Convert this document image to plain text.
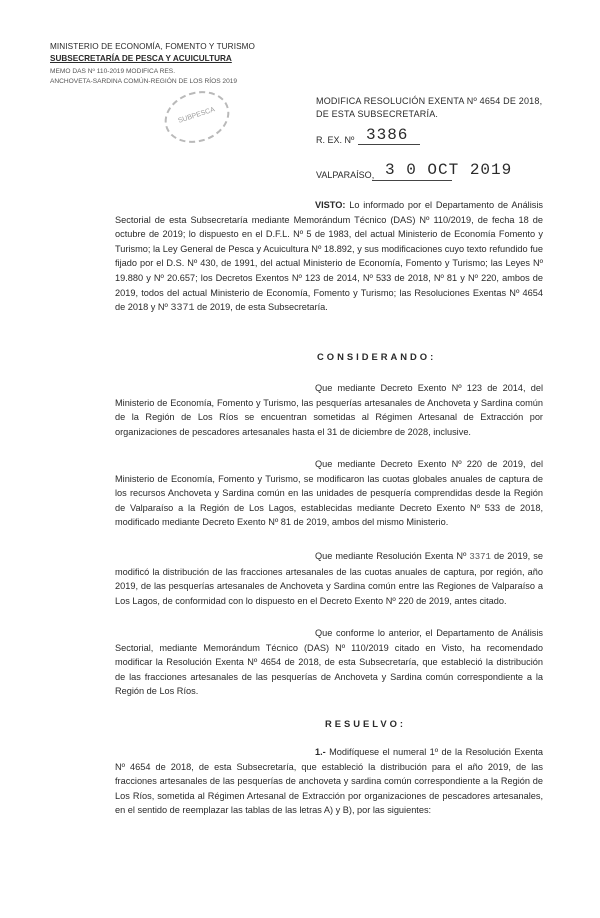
MINISTERIO DE ECONOMÍA, FOMENTO Y TURISMO
SUBSECRETARÍA DE PESCA Y ACUICULTURA
MEMO DAS Nº 110-2019 MODIFICA RES.
ANCHOVETA-SARDINA COMÚN-REGIÓN DE LOS RÍOS 2019
SUBPESCA
MODIFICA RESOLUCIÓN EXENTA Nº 4654 DE 2018,
DE ESTA SUBSECRETARÍA.
R. EX. Nº 3386
VALPARAÍSO, 3 0 OCT 2019
VISTO: Lo informado por el Departamento de Análisis Sectorial de esta Subsecretaría mediante Memorándum Técnico (DAS) Nº 110/2019, de fecha 18 de octubre de 2019; lo dispuesto en el D.F.L. Nº 5 de 1983, del actual Ministerio de Economía Fomento y Turismo; la Ley General de Pesca y Acuicultura Nº 18.892, y sus modificaciones cuyo texto refundido fue fijado por el D.S. Nº 430, de 1991, del actual Ministerio de Economía, Fomento y Turismo; las Leyes Nº 19.880 y Nº 20.657; los Decretos Exentos Nº 123 de 2014, Nº 533 de 2018, Nº 81 y Nº 220, ambos de 2019, todos del actual Ministerio de Economía, Fomento y Turismo; las Resoluciones Exentas Nº 4654 de 2018 y Nº 3371 de 2019, de esta Subsecretaría.
CONSIDERANDO:
Que mediante Decreto Exento Nº 123 de 2014, del Ministerio de Economía, Fomento y Turismo, las pesquerías artesanales de Anchoveta y Sardina común de la Región de Los Ríos se encuentran sometidas al Régimen Artesanal de Extracción por organizaciones de pescadores artesanales hasta el 31 de diciembre de 2028, inclusive.
Que mediante Decreto Exento Nº 220 de 2019, del Ministerio de Economía, Fomento y Turismo, se modificaron las cuotas globales anuales de captura de los recursos Anchoveta y Sardina común en las unidades de pesquería comprendidas desde la Región de Valparaíso a la Región de Los Lagos, establecidas mediante Decreto Exento Nº 533 de 2018, modificado mediante Decreto Exento Nº 81 de 2019, ambos del mismo Ministerio.
Que mediante Resolución Exenta Nº 3371 de 2019, se modificó la distribución de las fracciones artesanales de las cuotas anuales de captura, por región, año 2019, de las pesquerías artesanales de Anchoveta y Sardina común entre las Regiones de Valparaíso a Los Lagos, de conformidad con lo dispuesto en el Decreto Exento Nº 220 de 2019, antes citado.
Que conforme lo anterior, el Departamento de Análisis Sectorial, mediante Memorándum Técnico (DAS) Nº 110/2019 citado en Visto, ha recomendado modificar la Resolución Exenta Nº 4654 de 2018, de esta Subsecretaría, que estableció la distribución de las fracciones artesanales de las pesquerías de Anchoveta y Sardina común correspondiente a la Región de Los Ríos.
RESUELVO:
1.- Modifíquese el numeral 1º de la Resolución Exenta Nº 4654 de 2018, de esta Subsecretaría, que estableció la distribución para el año 2019, de las fracciones artesanales de las pesquerías de anchoveta y sardina común correspondiente a la Región de Los Ríos, sometida al Régimen Artesanal de Extracción por organizaciones de pescadores artesanales, en el sentido de reemplazar las tablas de las letras A) y B), por las siguientes:
